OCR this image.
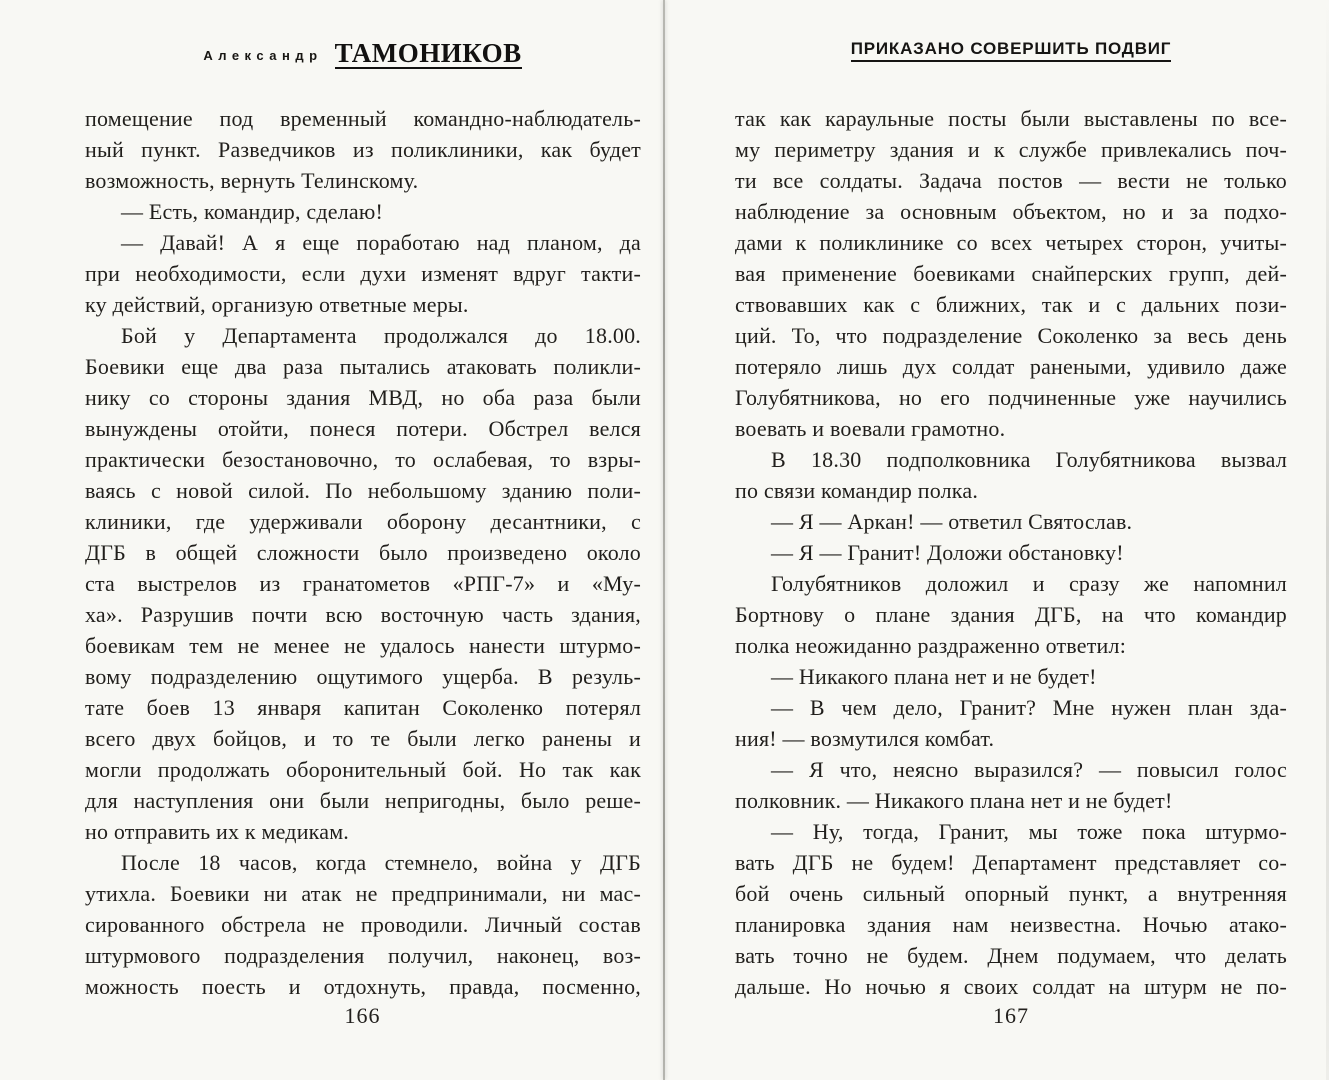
Александр ТАМОНИКОВ
помещение под временный командно-наблюдатель-
ный пункт. Разведчиков из поликлиники, как будет
возможность, вернуть Телинскому.
— Есть, командир, сделаю!
— Давай! А я еще поработаю над планом, да
при необходимости, если духи изменят вдруг такти-
ку действий, организую ответные меры.
Бой у Департамента продолжался до 18.00.
Боевики еще два раза пытались атаковать поликли-
нику со стороны здания МВД, но оба раза были
вынуждены отойти, понеся потери. Обстрел велся
практически безостановочно, то ослабевая, то взры-
ваясь с новой силой. По небольшому зданию поли-
клиники, где удерживали оборону десантники, с
ДГБ в общей сложности было произведено около
ста выстрелов из гранатометов «РПГ-7» и «Му-
ха». Разрушив почти всю восточную часть здания,
боевикам тем не менее не удалось нанести штурмо-
вому подразделению ощутимого ущерба. В резуль-
тате боев 13 января капитан Соколенко потерял
всего двух бойцов, и то те были легко ранены и
могли продолжать оборонительный бой. Но так как
для наступления они были непригодны, было реше-
но отправить их к медикам.
После 18 часов, когда стемнело, война у ДГБ
утихла. Боевики ни атак не предпринимали, ни мас-
сированного обстрела не проводили. Личный состав
штурмового подразделения получил, наконец, воз-
можность поесть и отдохнуть, правда, посменно,
166
ПРИКАЗАНО СОВЕРШИТЬ ПОДВИГ
так как караульные посты были выставлены по все-
му периметру здания и к службе привлекались поч-
ти все солдаты. Задача постов — вести не только
наблюдение за основным объектом, но и за подхо-
дами к поликлинике со всех четырех сторон, учиты-
вая применение боевиками снайперских групп, дей-
ствовавших как с ближних, так и с дальних пози-
ций. То, что подразделение Соколенко за весь день
потеряло лишь дух солдат ранеными, удивило даже
Голубятникова, но его подчиненные уже научились
воевать и воевали грамотно.
В 18.30 подполковника Голубятникова вызвал
по связи командир полка.
— Я — Аркан! — ответил Святослав.
— Я — Гранит! Доложи обстановку!
Голубятников доложил и сразу же напомнил
Бортнову о плане здания ДГБ, на что командир
полка неожиданно раздраженно ответил:
— Никакого плана нет и не будет!
— В чем дело, Гранит? Мне нужен план зда-
ния! — возмутился комбат.
— Я что, неясно выразился? — повысил голос
полковник. — Никакого плана нет и не будет!
— Ну, тогда, Гранит, мы тоже пока штурмо-
вать ДГБ не будем! Департамент представляет со-
бой очень сильный опорный пункт, а внутренняя
планировка здания нам неизвестна. Ночью атако-
вать точно не будем. Днем подумаем, что делать
дальше. Но ночью я своих солдат на штурм не по-
167
